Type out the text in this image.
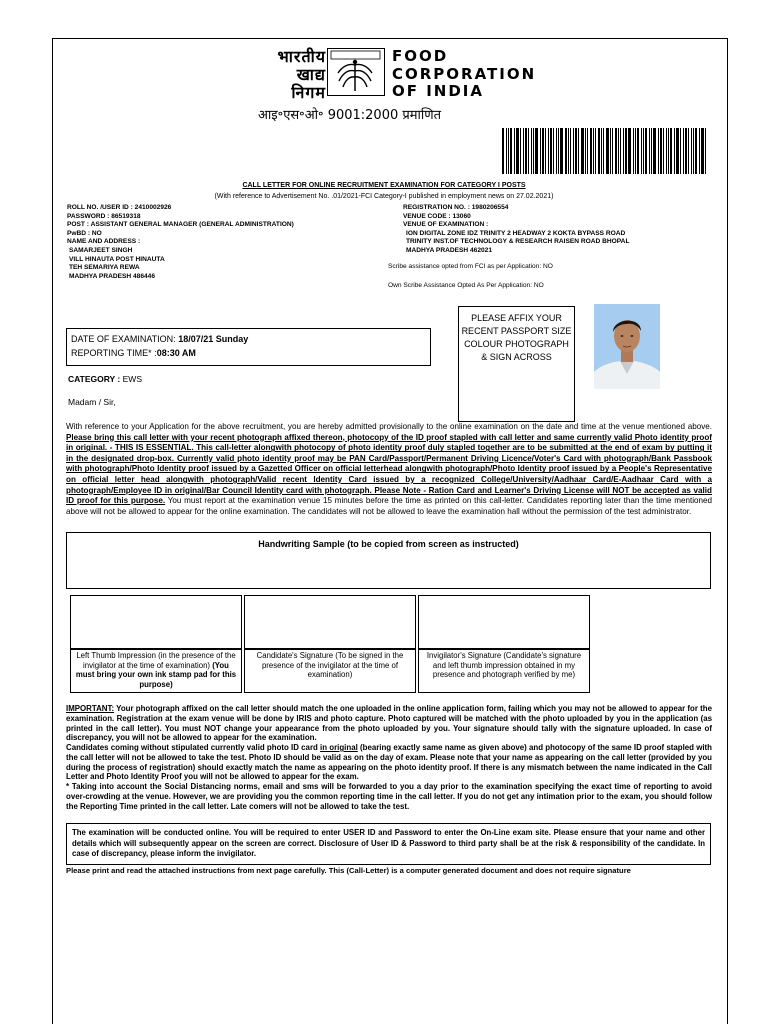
भारतीय
खाद्य
निगम
FOOD
CORPORATION
OF INDIA
आइ॰एस॰ओ॰ 9001:2000 प्रमाणित
CALL LETTER FOR ONLINE RECRUITMENT EXAMINATION FOR CATEGORY I POSTS
(With reference to Advertisement No. .01/2021-FCI Category-I published in employment news on 27.02.2021)
ROLL NO. /USER ID : 2410002926
PASSWORD : 86519318
POST : ASSISTANT GENERAL MANAGER (GENERAL ADMINISTRATION)
PwBD : NO
NAME AND ADDRESS :
SAMARJEET SINGH
VILL HINAUTA POST HINAUTA
TEH SEMARIYA REWA
MADHYA PRADESH 486446
REGISTRATION NO. : 1980206554
VENUE CODE : 13060
VENUE OF EXAMINATION :
ION DIGITAL ZONE IDZ TRINITY 2 HEADWAY 2 KOKTA BYPASS ROAD
TRINITY INST.OF TECHNOLOGY & RESEARCH RAISEN ROAD BHOPAL
MADHYA PRADESH 462021
Scribe assistance opted from FCI as per Application: NO
Own Scribe Assistance Opted As Per Application: NO
DATE OF EXAMINATION: 18/07/21 Sunday
REPORTING TIME* :08:30 AM
PLEASE AFFIX YOUR
RECENT PASSPORT SIZE
COLOUR PHOTOGRAPH
& SIGN ACROSS
CATEGORY : EWS
Madam / Sir,
With reference to your Application for the above recruitment, you are hereby admitted provisionally to the online examination on the date and time at the venue mentioned above. Please bring this call letter with your recent photograph affixed thereon, photocopy of the ID proof stapled with call letter and same currently valid Photo identity proof in original. - THIS IS ESSENTIAL. This call-letter alongwith photocopy of photo identity proof duly stapled together are to be submitted at the end of exam by putting it in the designated drop-box. Currently valid photo identity proof may be PAN Card/Passport/Permanent Driving Licence/Voter's Card with photograph/Bank Passbook with photograph/Photo Identity proof issued by a Gazetted Officer on official letterhead alongwith photograph/Photo Identity proof issued by a People's Representative on official letter head alongwith photograph/Valid recent Identity Card issued by a recognized College/University/Aadhaar Card/E-Aadhaar Card with a photograph/Employee ID in original/Bar Council Identity card with photograph. Please Note - Ration Card and Learner's Driving License will NOT be accepted as valid ID proof for this purpose. You must report at the examination venue 15 minutes before the time as printed on this call-letter. Candidates reporting later than the time mentioned above will not be allowed to appear for the online examination. The candidates will not be allowed to leave the examination hall without the permission of the test administrator.
Handwriting Sample (to be copied from screen as instructed)
Left Thumb Impression (in the presence of the invigilator at the time of examination) (You must bring your own ink stamp pad for this purpose)
Candidate's Signature (To be signed in the presence of the invigilator at the time of examination)
Invigilator's Signature (Candidate's signature and left thumb impression obtained in my presence and photograph verified by me)
IMPORTANT: Your photograph affixed on the call letter should match the one uploaded in the online application form, failing which you may not be allowed to appear for the examination. Registration at the exam venue will be done by IRIS and photo capture. Photo captured will be matched with the photo uploaded by you in the application (as printed in the call letter). You must NOT change your appearance from the photo uploaded by you. Your signature should tally with the signature uploaded. In case of discrepancy, you will not be allowed to appear for the examination.
Candidates coming without stipulated currently valid photo ID card in original (bearing exactly same name as given above) and photocopy of the same ID proof stapled with the call letter will not be allowed to take the test. Photo ID should be valid as on the day of exam. Please note that your name as appearing on the call letter (provided by you during the process of registration) should exactly match the name as appearing on the photo identity proof. If there is any mismatch between the name indicated in the Call Letter and Photo Identity Proof you will not be allowed to appear for the exam.
* Taking into account the Social Distancing norms, email and sms will be forwarded to you a day prior to the examination specifying the exact time of reporting to avoid over-crowding at the venue. However, we are providing you the common reporting time in the call letter. If you do not get any intimation prior to the exam, you should follow the Reporting Time printed in the call letter. Late comers will not be allowed to take the test.
The examination will be conducted online. You will be required to enter USER ID and Password to enter the On-Line exam site. Please ensure that your name and other details which will subsequently appear on the screen are correct. Disclosure of User ID & Password to third party shall be at the risk & responsibility of the candidate. In case of discrepancy, please inform the invigilator.
Please print and read the attached instructions from next page carefully. This (Call-Letter) is a computer generated document and does not require signature
